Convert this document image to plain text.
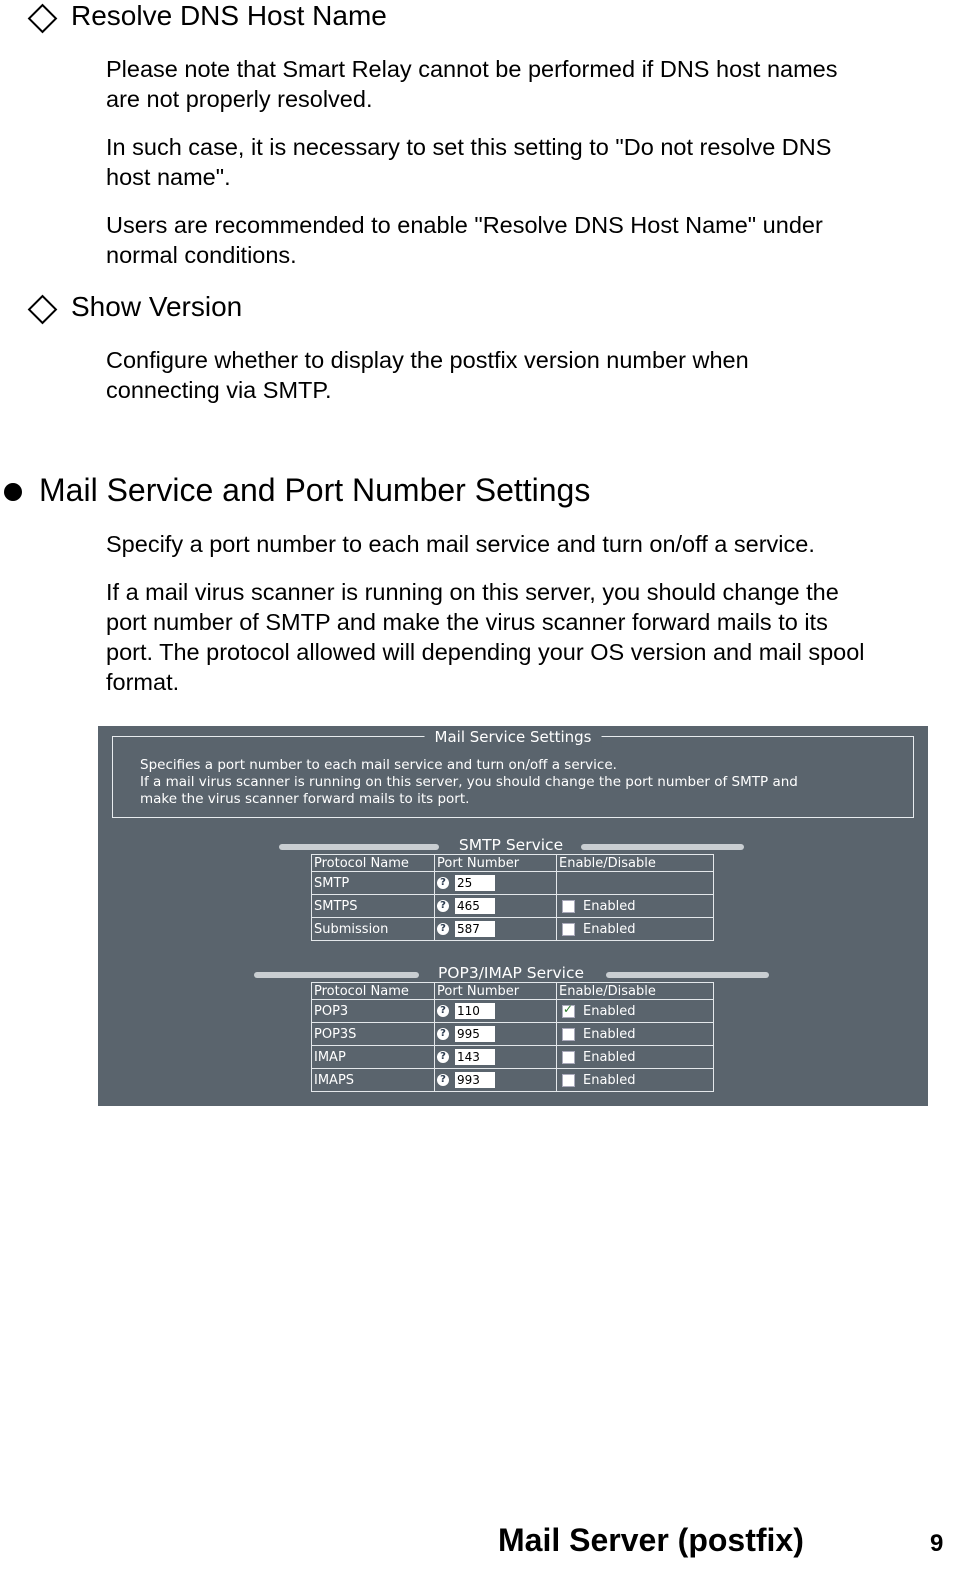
Resolve DNS Host Name

Please note that Smart Relay cannot be performed if DNS host names

are not properly resolved.

In such case, it is necessary to set this setting to "Do not resolve DNS

host name".

Users are recommended to enable "Resolve DNS Host Name" under

normal conditions.

Show Version

Configure whether to display the postfix version number when

connecting via SMTP.

Mail Service and Port Number Settings

Specify a port number to each mail service and turn on/off a service.

If a mail virus scanner is running on this server, you should change the

port number of SMTP and make the virus scanner forward mails to its

port. The protocol allowed will depending your OS version and mail spool

format.

Mail Service Settings
Specifies a port number to each mail service and turn on/off a service.
If a mail virus scanner is running on this server, you should change the port number of SMTP and
make the virus scanner forward mails to its port.
SMTP Service
Protocol Name	Port Number	Enable/Disable
SMTP	? 25	
SMTPS	? 465	Enabled
Submission	? 587	Enabled
POP3/IMAP Service
Protocol Name	Port Number	Enable/Disable
POP3	? 110	✓Enabled
POP3S	? 995	Enabled
IMAP	? 143	Enabled
IMAPS	? 993	Enabled
Mail Server (postfix)	9
